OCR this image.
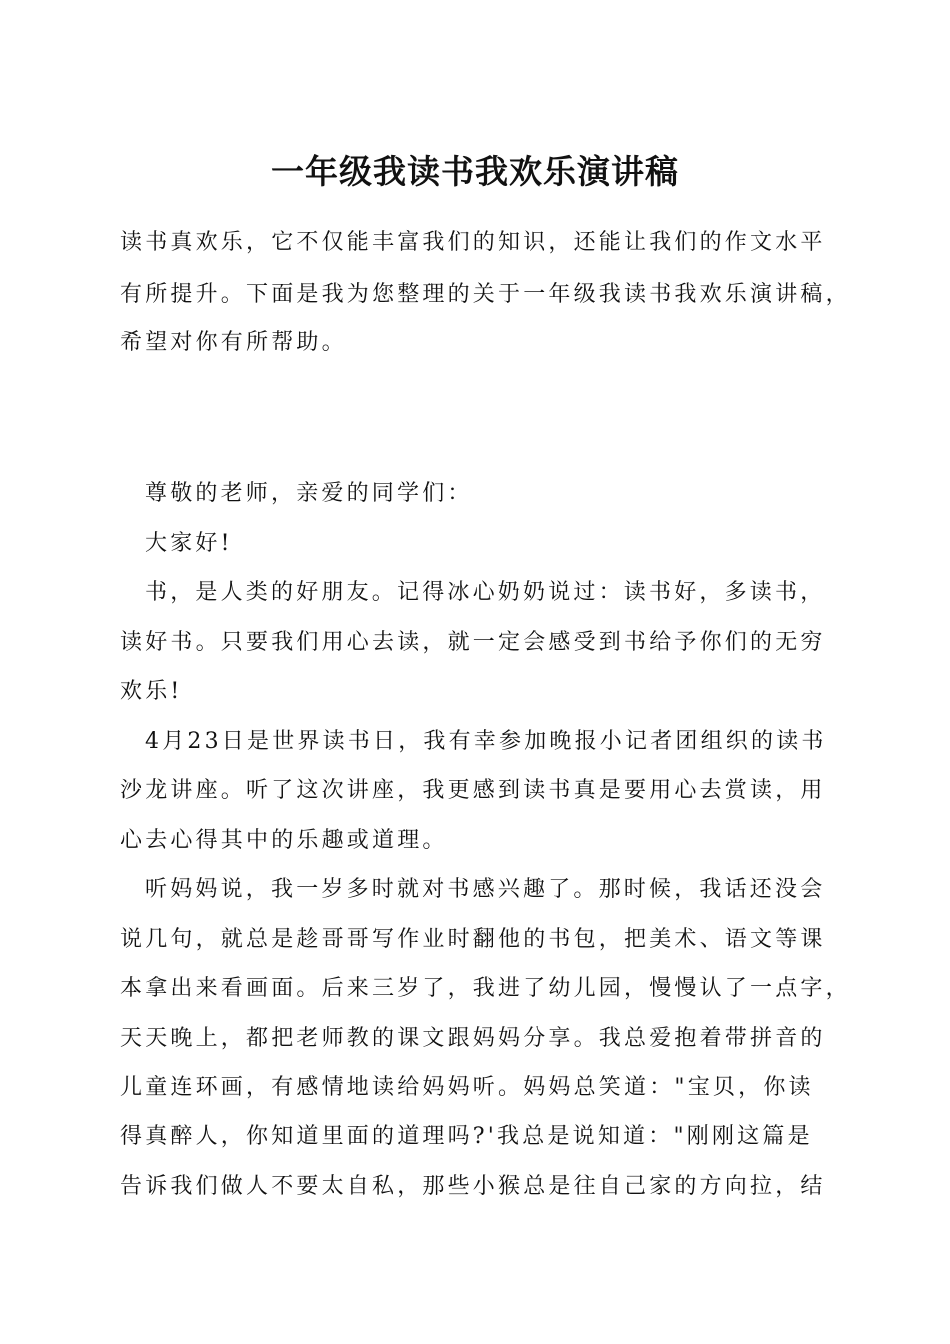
一年级我读书我欢乐演讲稿
读书真欢乐，它不仅能丰富我们的知识，还能让我们的作文水平
有所提升。下面是我为您整理的关于一年级我读书我欢乐演讲稿，
希望对你有所帮助。
尊敬的老师，亲爱的同学们：
大家好!
书，是人类的好朋友。记得冰心奶奶说过：读书好，多读书，
读好书。只要我们用心去读，就一定会感受到书给予你们的无穷
欢乐!
4月23日是世界读书日，我有幸参加晚报小记者团组织的读书
沙龙讲座。听了这次讲座，我更感到读书真是要用心去赏读，用
心去心得其中的乐趣或道理。
听妈妈说，我一岁多时就对书感兴趣了。那时候，我话还没会
说几句，就总是趁哥哥写作业时翻他的书包，把美术、语文等课
本拿出来看画面。后来三岁了，我进了幼儿园，慢慢认了一点字，
天天晚上，都把老师教的课文跟妈妈分享。我总爱抱着带拼音的
儿童连环画，有感情地读给妈妈听。妈妈总笑道："宝贝，你读
得真醉人，你知道里面的道理吗?'我总是说知道："刚刚这篇是
告诉我们做人不要太自私，那些小猴总是往自己家的方向拉，结
